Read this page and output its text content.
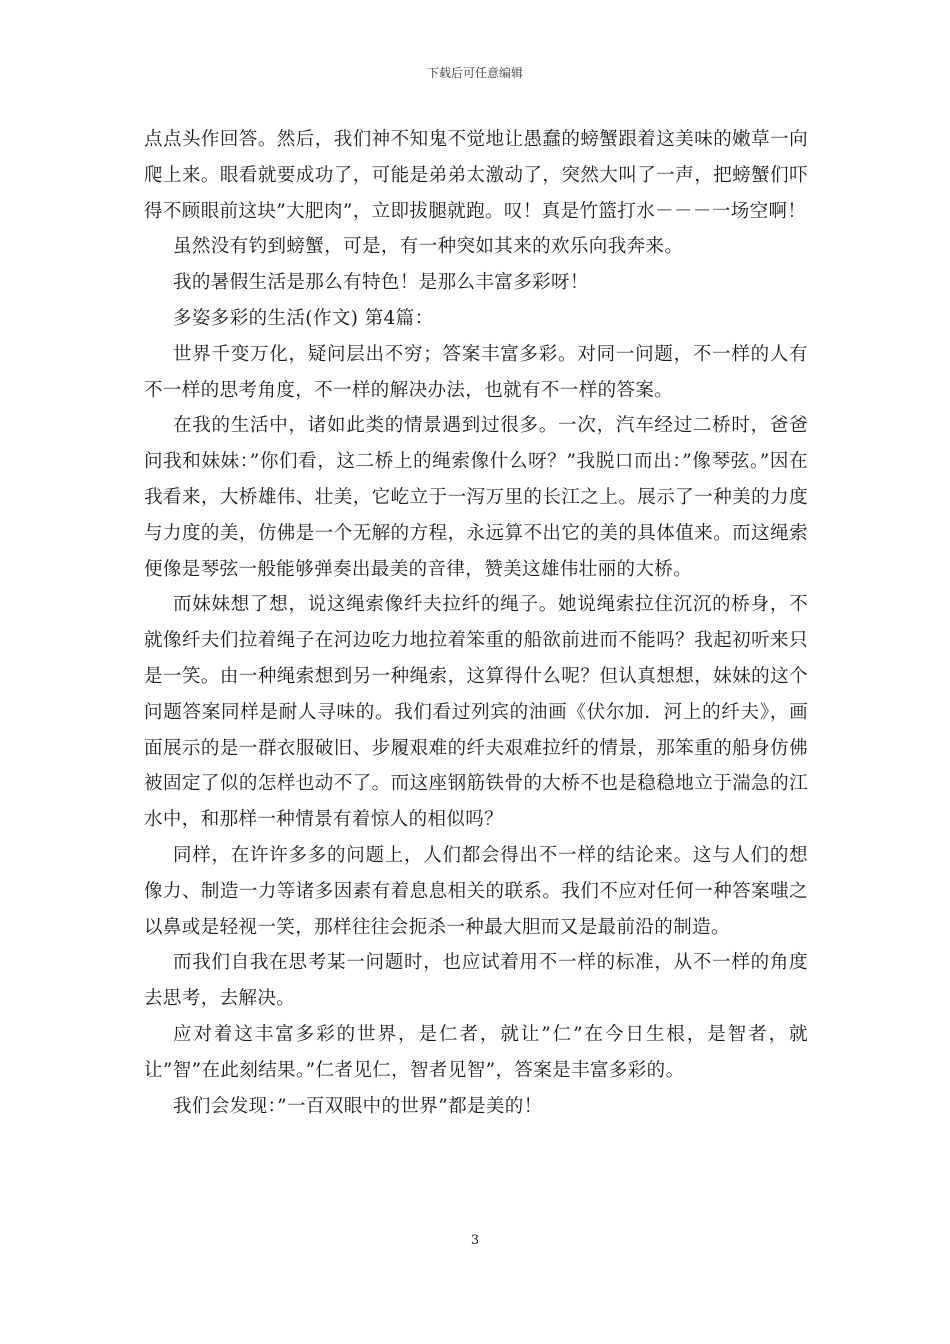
下载后可任意编辑

点点头作回答。然后，我们神不知鬼不觉地让愚蠢的螃蟹跟着这美味的嫩草一向爬上来。眼看就要成功了，可能是弟弟太激动了，突然大叫了一声，把螃蟹们吓得不顾眼前这块”大肥肉”，立即拔腿就跑。叹！真是竹篮打水－－－一场空啊！

虽然没有钓到螃蟹，可是，有一种突如其来的欢乐向我奔来。

我的暑假生活是那么有特色！是那么丰富多彩呀！

多姿多彩的生活(作文) 第4篇：

世界千变万化，疑问层出不穷；答案丰富多彩。对同一问题，不一样的人有不一样的思考角度，不一样的解决办法，也就有不一样的答案。

在我的生活中，诸如此类的情景遇到过很多。一次，汽车经过二桥时，爸爸问我和妹妹：”你们看，这二桥上的绳索像什么呀？”我脱口而出：”像琴弦。”因在我看来，大桥雄伟、壮美，它屹立于一泻万里的长江之上。展示了一种美的力度与力度的美，仿佛是一个无解的方程，永远算不出它的美的具体值来。而这绳索便像是琴弦一般能够弹奏出最美的音律，赞美这雄伟壮丽的大桥。

而妹妹想了想，说这绳索像纤夫拉纤的绳子。她说绳索拉住沉沉的桥身，不就像纤夫们拉着绳子在河边吃力地拉着笨重的船欲前进而不能吗？我起初听来只是一笑。由一种绳索想到另一种绳索，这算得什么呢？但认真想想，妹妹的这个问题答案同样是耐人寻味的。我们看过列宾的油画《伏尔加．河上的纤夫》，画面展示的是一群衣服破旧、步履艰难的纤夫艰难拉纤的情景，那笨重的船身仿佛被固定了似的怎样也动不了。而这座钢筋铁骨的大桥不也是稳稳地立于湍急的江水中，和那样一种情景有着惊人的相似吗？

同样，在许许多多的问题上，人们都会得出不一样的结论来。这与人们的想像力、制造一力等诸多因素有着息息相关的联系。我们不应对任何一种答案嗤之以鼻或是轻视一笑，那样往往会扼杀一种最大胆而又是最前沿的制造。

而我们自我在思考某一问题时，也应试着用不一样的标准，从不一样的角度去思考，去解决。

应对着这丰富多彩的世界，是仁者，就让”仁”在今日生根，是智者，就让”智”在此刻结果。”仁者见仁，智者见智”，答案是丰富多彩的。

我们会发现：”一百双眼中的世界”都是美的！

3
